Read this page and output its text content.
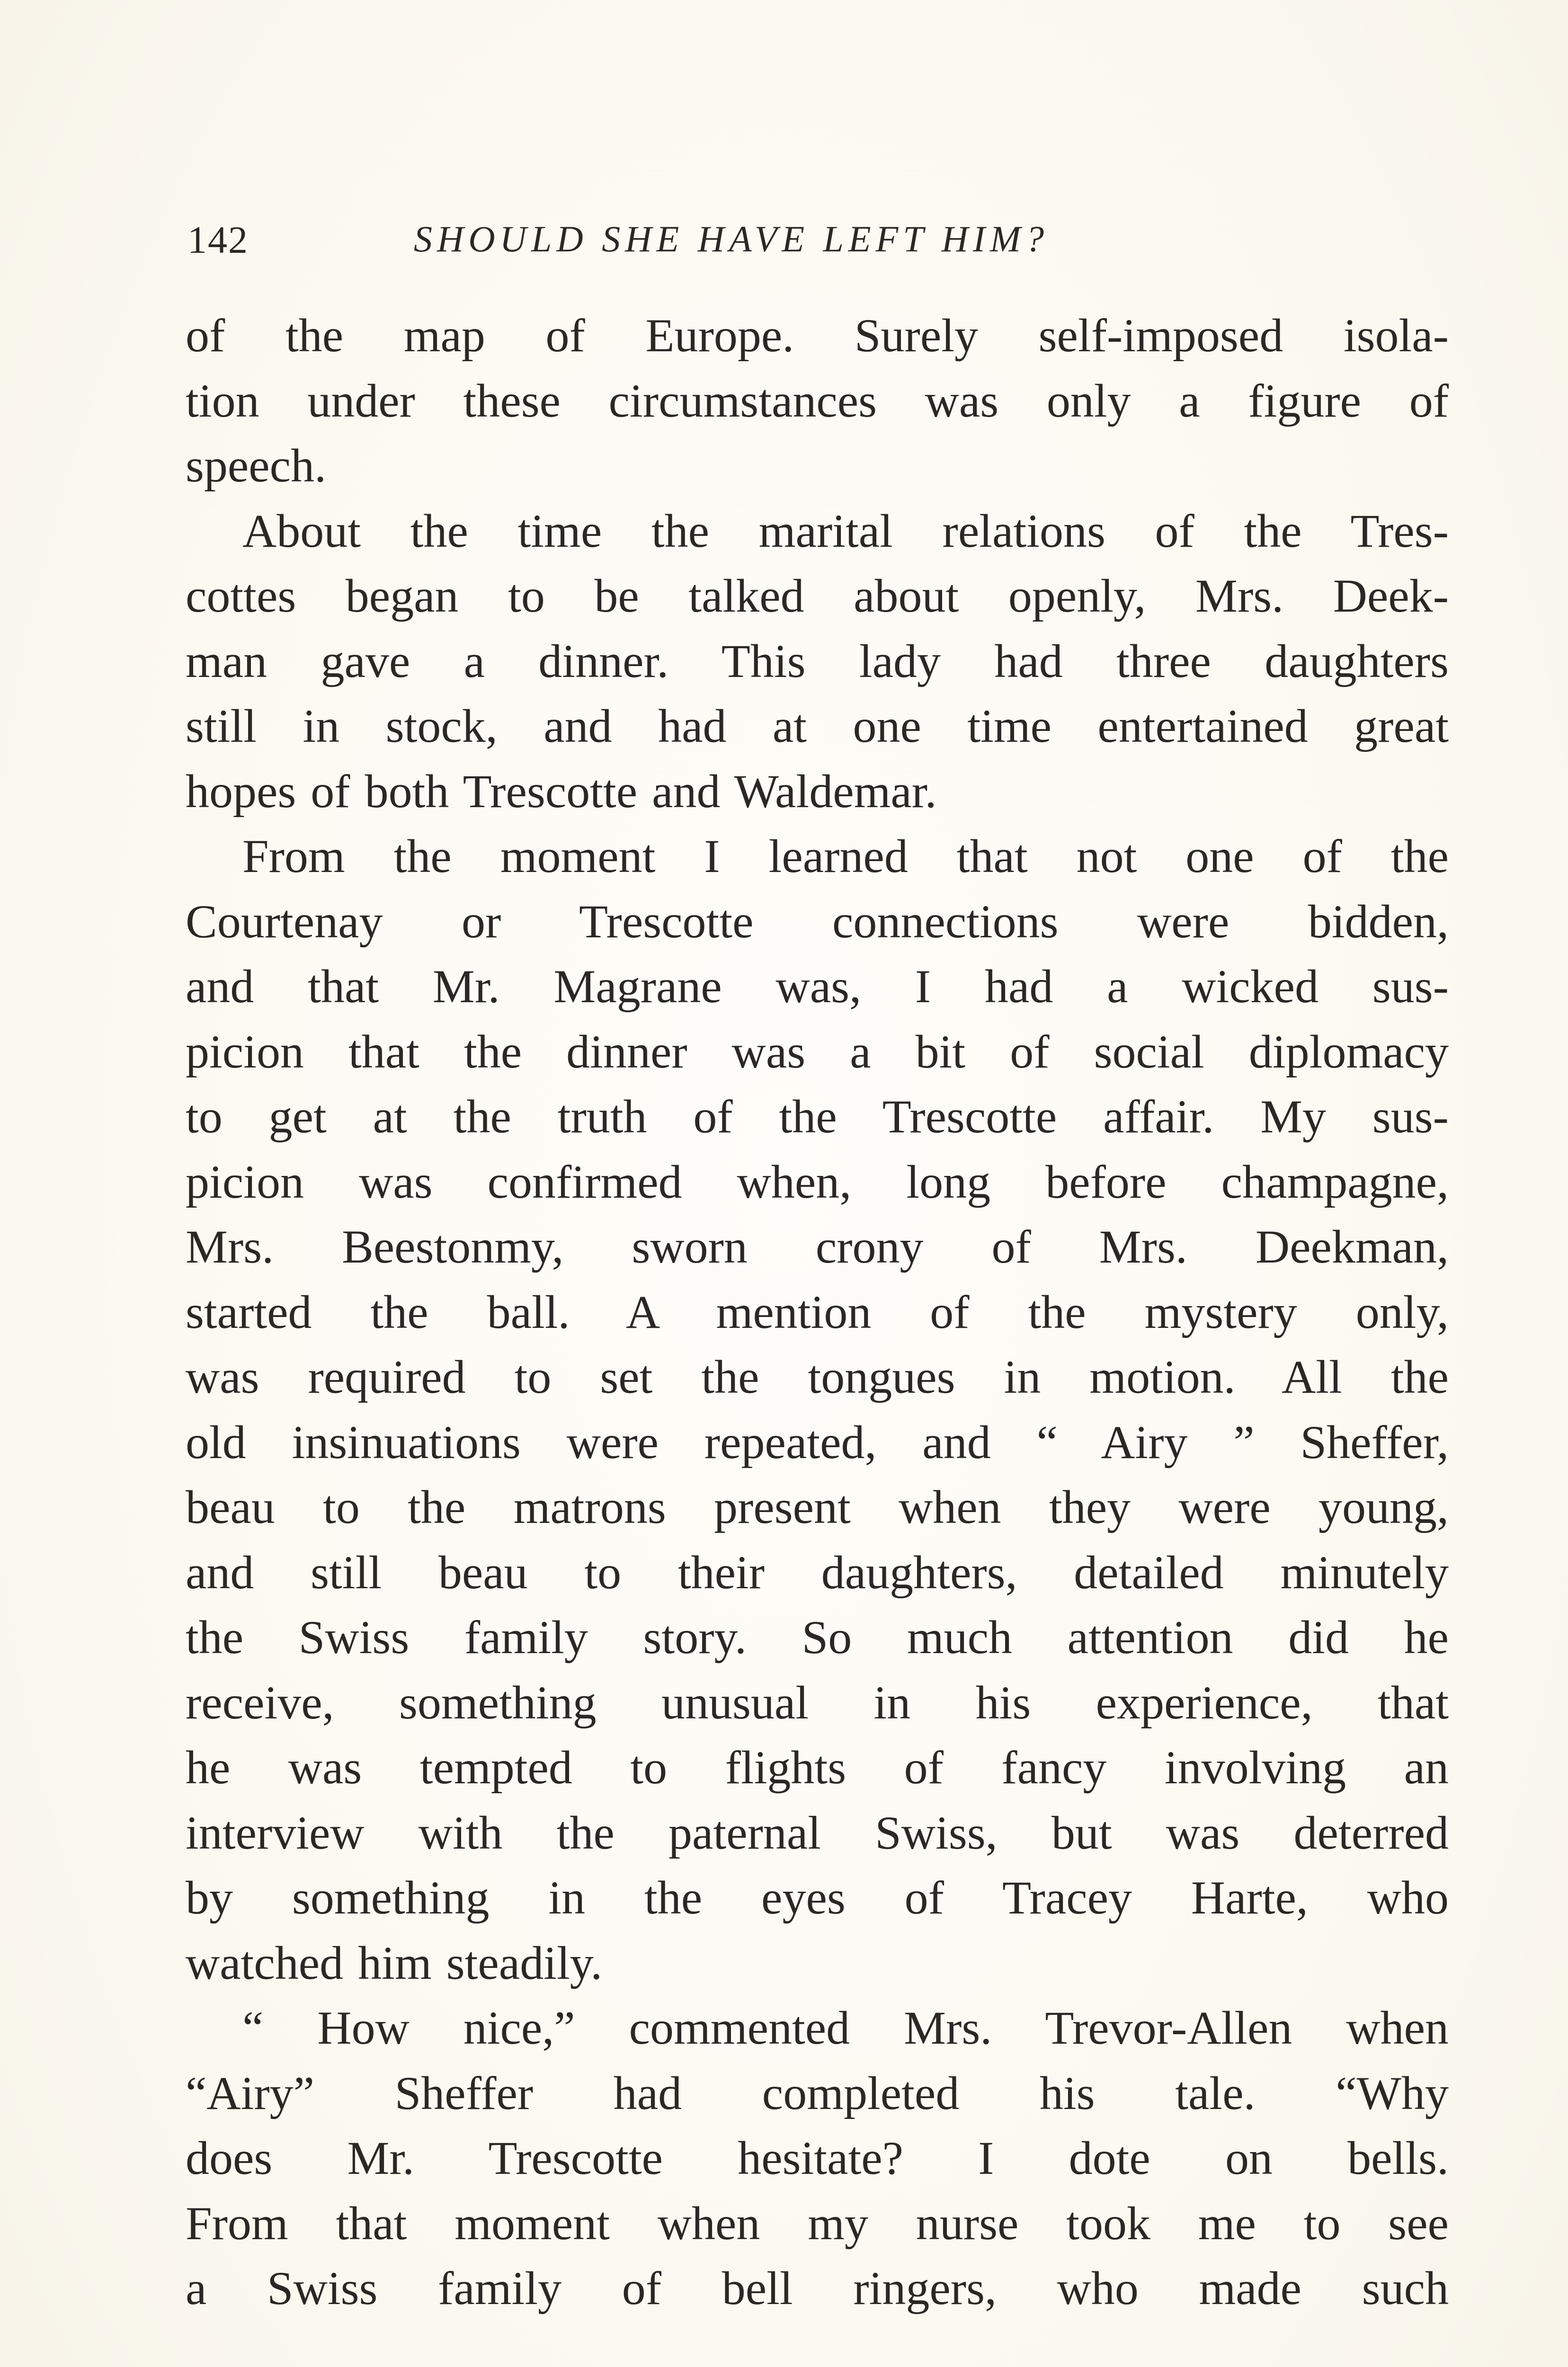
142	SHOULD SHE HAVE LEFT HIM?
of the map of Europe. Surely self-imposed isola-
tion under these circumstances was only a figure of
speech.
About the time the marital relations of the Tres-
cottes began to be talked about openly, Mrs. Deek-
man gave a dinner. This lady had three daughters
still in stock, and had at one time entertained great
hopes of both Trescotte and Waldemar.
From the moment I learned that not one of the
Courtenay or Trescotte connections were bidden,
and that Mr. Magrane was, I had a wicked sus-
picion that the dinner was a bit of social diplomacy
to get at the truth of the Trescotte affair. My sus-
picion was confirmed when, long before champagne,
Mrs. Beestonmy, sworn crony of Mrs. Deekman,
started the ball. A mention of the mystery only,
was required to set the tongues in motion. All the
old insinuations were repeated, and “ Airy ” Sheffer,
beau to the matrons present when they were young,
and still beau to their daughters, detailed minutely
the Swiss family story. So much attention did he
receive, something unusual in his experience, that
he was tempted to flights of fancy involving an
interview with the paternal Swiss, but was deterred
by something in the eyes of Tracey Harte, who
watched him steadily.
“ How nice,” commented Mrs. Trevor-Allen when
“Airy” Sheffer had completed his tale. “Why
does Mr. Trescotte hesitate? I dote on bells.
From that moment when my nurse took me to see
a Swiss family of bell ringers, who made such
